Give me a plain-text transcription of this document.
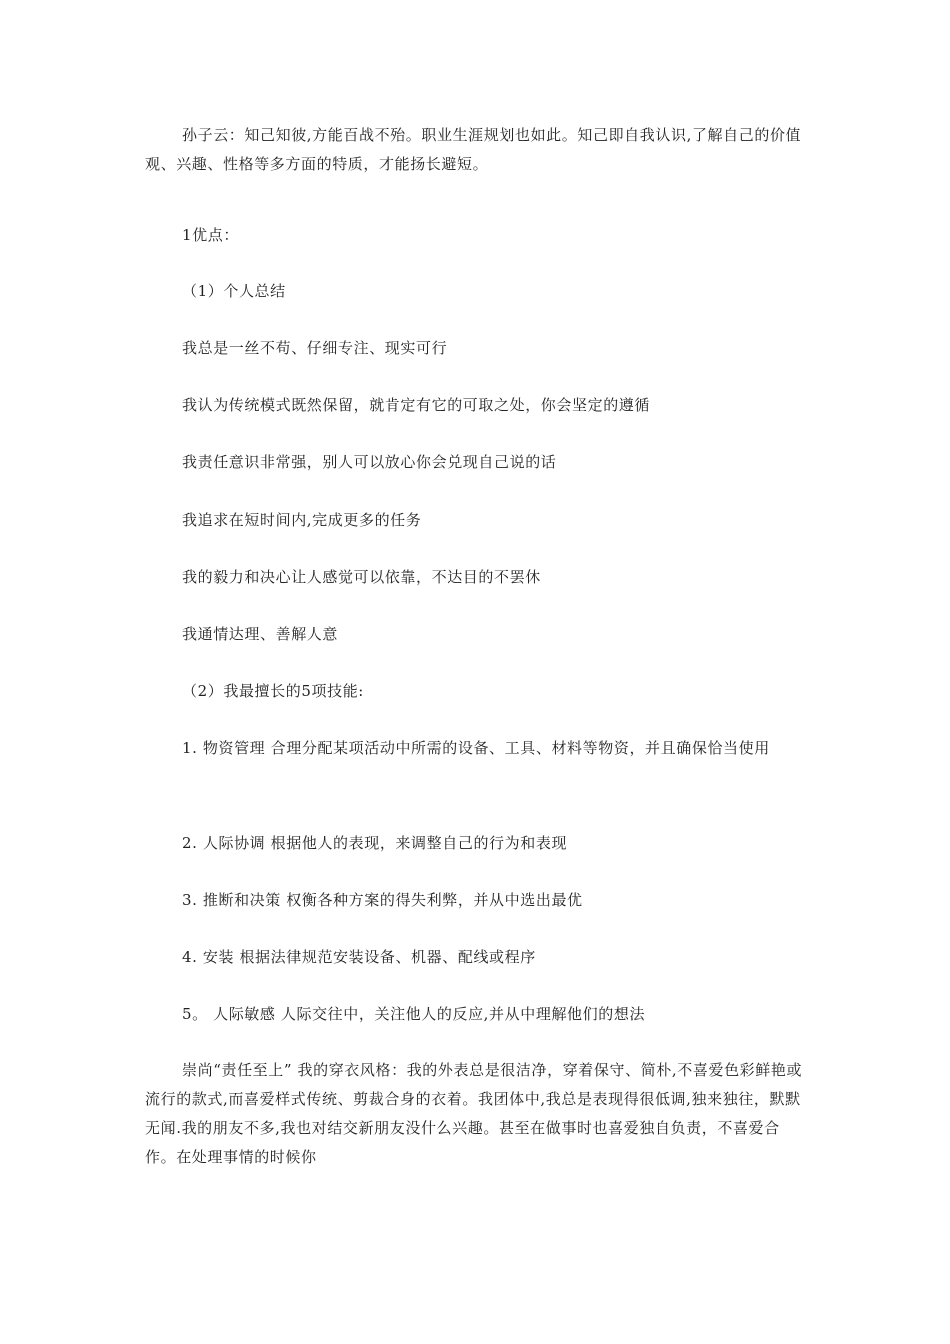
孙子云：知己知彼,方能百战不殆。职业生涯规划也如此。知己即自我认识,了解自己的价值观、兴趣、性格等多方面的特质，才能扬长避短。

1优点：

（1）个人总结

我总是一丝不苟、仔细专注、现实可行

我认为传统模式既然保留，就肯定有它的可取之处，你会坚定的遵循

我责任意识非常强，别人可以放心你会兑现自己说的话

我追求在短时间内,完成更多的任务

我的毅力和决心让人感觉可以依靠，不达目的不罢休

我通情达理、善解人意

（2）我最擅长的5项技能:

1. 物资管理 合理分配某项活动中所需的设备、工具、材料等物资，并且确保恰当使用

2. 人际协调 根据他人的表现，来调整自己的行为和表现

3. 推断和决策 权衡各种方案的得失利弊，并从中选出最优

4. 安装 根据法律规范安装设备、机器、配线或程序

5。 人际敏感 人际交往中，关注他人的反应,并从中理解他们的想法

崇尚“责任至上” 我的穿衣风格：我的外表总是很洁净，穿着保守、简朴,不喜爱色彩鲜艳或流行的款式,而喜爱样式传统、剪裁合身的衣着。我团体中,我总是表现得很低调,独来独往，默默无闻.我的朋友不多,我也对结交新朋友没什么兴趣。甚至在做事时也喜爱独自负责，不喜爱合作。在处理事情的时候你
